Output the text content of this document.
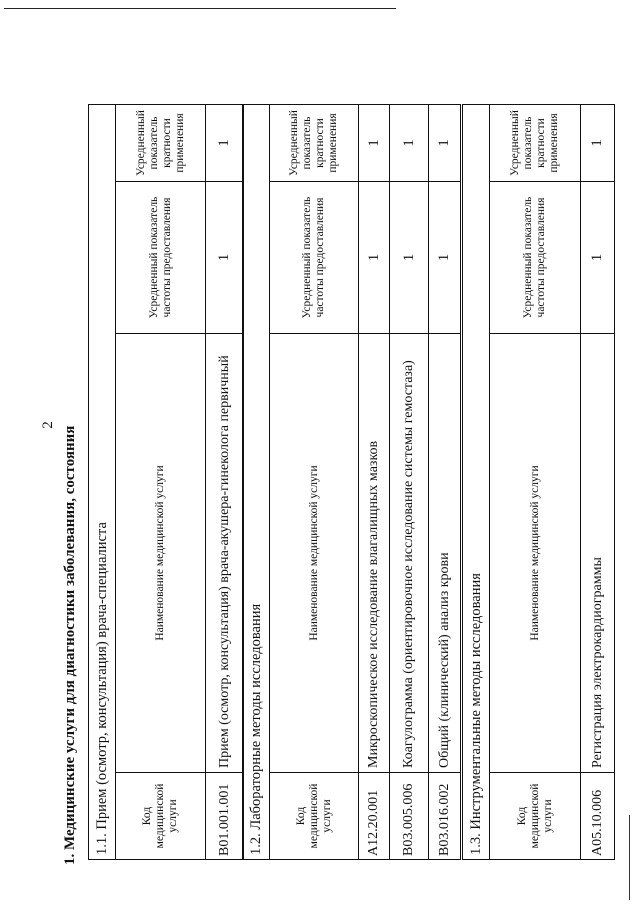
2
1. Медицинские услуги для диагностики заболевания, состояния 1.1. Прием (осмотр, консультация) врача-специалиста			
Код медицинской услуги	Наименование медицинской услуги	Усредненный показатель частоты предоставления	Усредненный показатель кратности применения
B01.001.001	Прием (осмотр, консультация) врача-акушера-гинеколога первичный	1	1
1.2. Лабораторные методы исследования			
Код медицинской услуги	Наименование медицинской услуги	Усредненный показатель частоты предоставления	Усредненный показатель кратности применения
A12.20.001	Микроскопическое исследование влагалищных мазков	1	1
B03.005.006	Коагулограмма (ориентировочное исследование системы гемостаза)	1	1
B03.016.002	Общий (клинический) анализ крови	1	1
1.3. Инструментальные методы исследования			
Код медицинской услуги	Наименование медицинской услуги	Усредненный показатель частоты предоставления	Усредненный показатель кратности применения
A05.10.006	Регистрация электрокардиограммы	1	1
